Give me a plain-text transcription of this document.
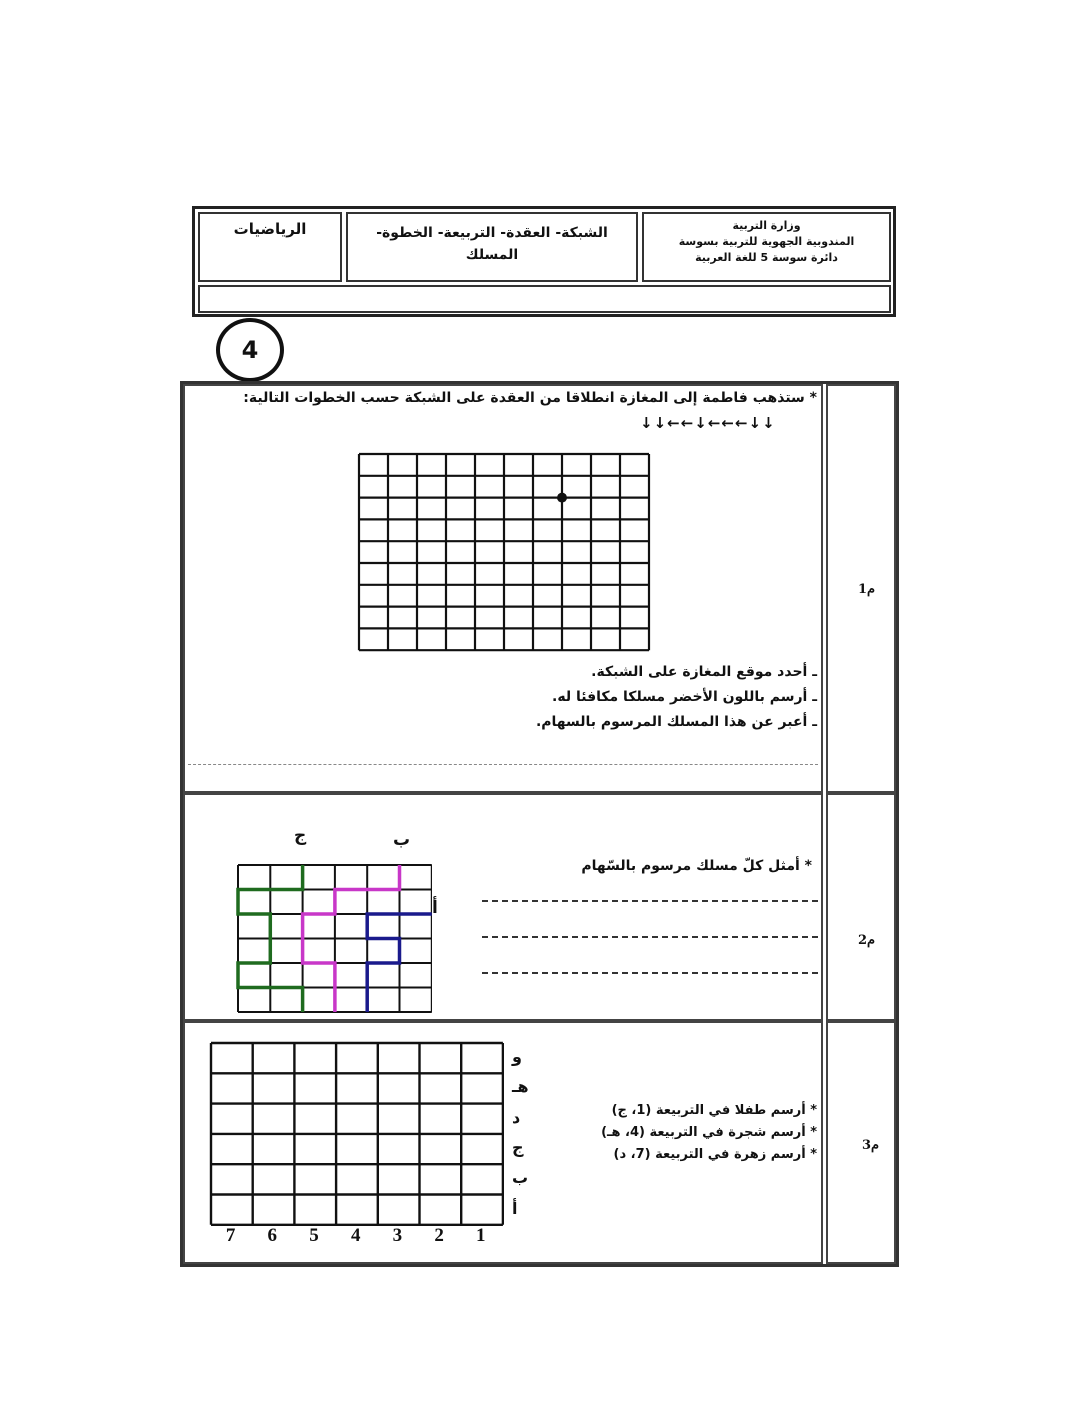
الرياضيات	الشبكة- العقدة- التربيعة- الخطوة-
المسلك
وزارة التربية
المندوبية الجهوية للتربية بسوسة
دائرة سوسة 5 للغة العربية
4
م1
* ستذهب فاطمة إلى المغازة انطلاقا من العقدة على الشبكة حسب الخطوات التالية:
↓↓←←↓←←←↓↓
ـ أحدد موقع المغازة على الشبكة.
ـ أرسم باللون الأخضر مسلكا مكافئا له.
ـ أعبر عن هذا المسلك المرسوم بالسهام.
م2
* أمثل كلّ مسلك مرسوم بالسّهام
ج	ب
أ
م3
و
هـ
د
ج
ب
أ
7 6 5 4 3 2 1
* أرسم طفلا في التربيعة (1، ج)
* أرسم شجرة في التربيعة (4، هـ)
* أرسم زهرة في التربيعة (7، د)
